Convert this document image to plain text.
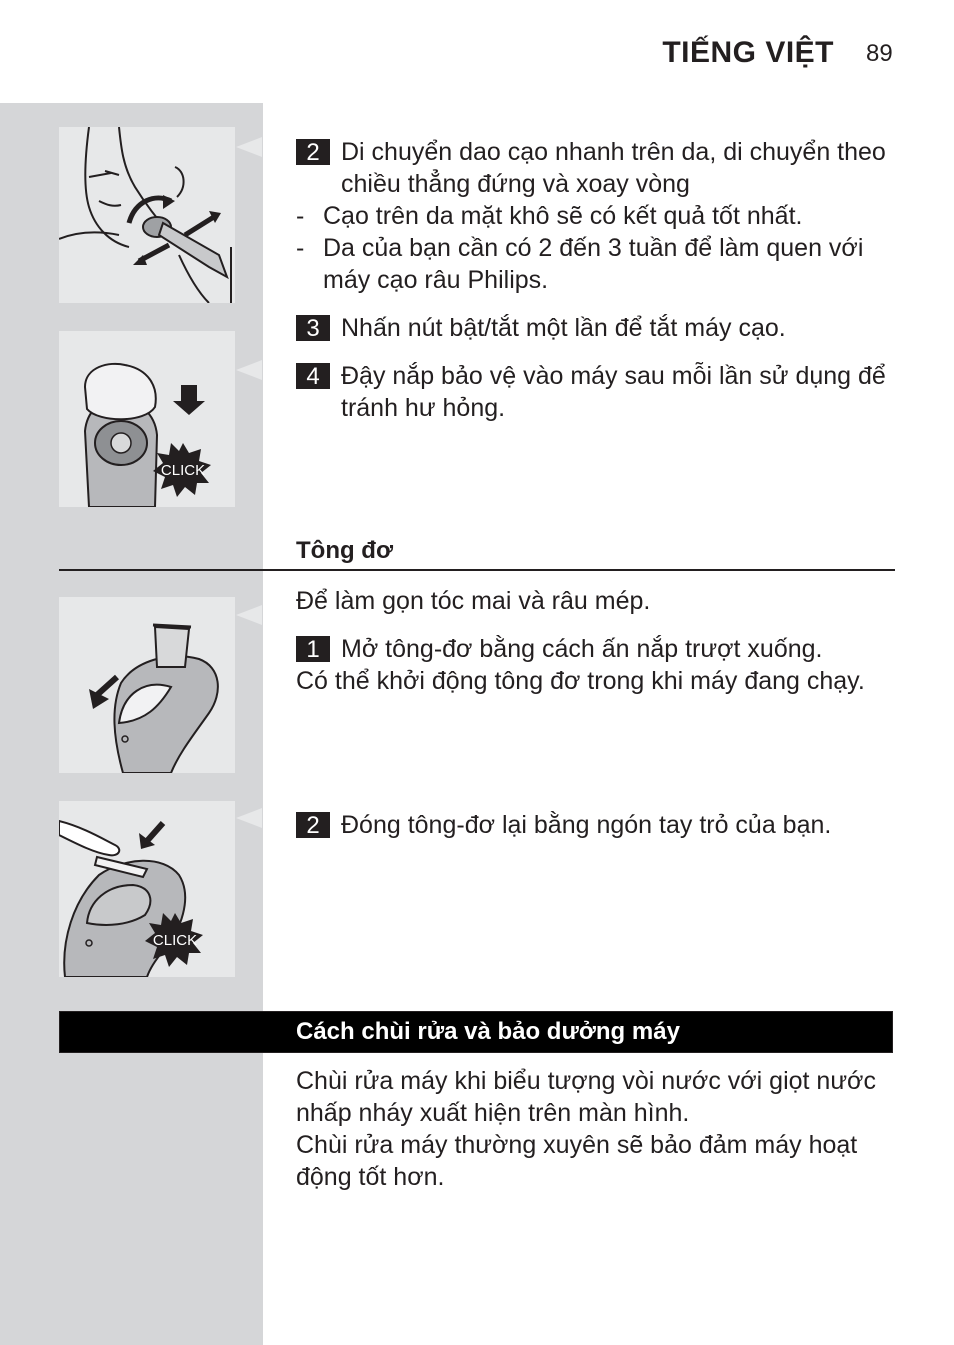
TIẾNG VIỆT 89
CLICK
CLICK
2 Di chuyển dao cạo nhanh trên da, di chuyển theo chiều thẳng đứng và xoay vòng
- Cạo trên da mặt khô sẽ có kết quả tốt nhất.
- Da của bạn cần có 2 đến 3 tuần để làm quen với máy cạo râu Philips.
3 Nhấn nút bật/tắt một lần để tắt máy cạo.
4 Đậy nắp bảo vệ vào máy sau mỗi lần sử dụng để tránh hư hỏng.
Tông đơ
Để làm gọn tóc mai và râu mép.
1 Mở tông-đơ bằng cách ấn nắp trượt xuống.
Có thể khởi động tông đơ trong khi máy đang chạy.
2 Đóng tông-đơ lại bằng ngón tay trỏ của bạn.
Cách chùi rửa và bảo dưởng máy
Chùi rửa máy khi biểu tượng vòi nước với giọt nước nhấp nháy xuất hiện trên màn hình.
Chùi rửa máy thường xuyên sẽ bảo đảm máy hoạt động tốt hơn.
